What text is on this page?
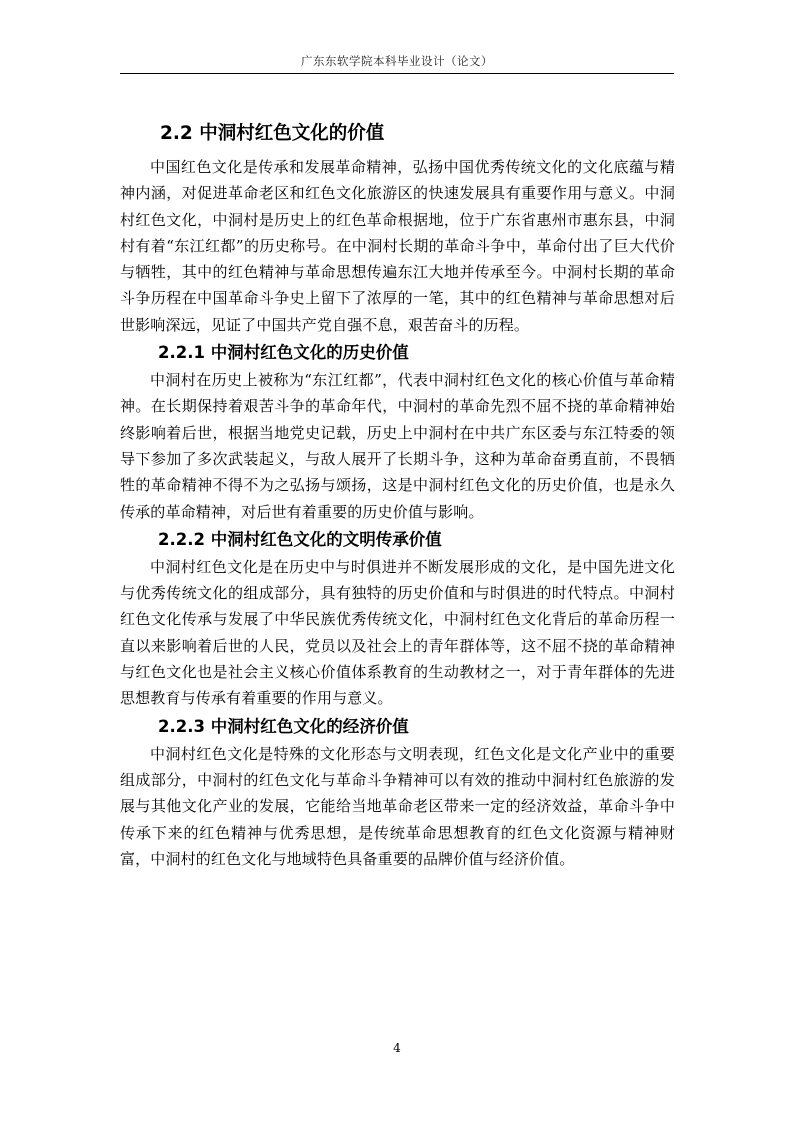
广东东软学院本科毕业设计（论文）
2.2 中洞村红色文化的价值

中国红色文化是传承和发展革命精神，弘扬中国优秀传统文化的文化底蕴与精神内涵，对促进革命老区和红色文化旅游区的快速发展具有重要作用与意义。中洞村红色文化，中洞村是历史上的红色革命根据地，位于广东省惠州市惠东县，中洞村有着“东江红都”的历史称号。在中洞村长期的革命斗争中，革命付出了巨大代价与牺牲，其中的红色精神与革命思想传遍东江大地并传承至今。中洞村长期的革命斗争历程在中国革命斗争史上留下了浓厚的一笔，其中的红色精神与革命思想对后世影响深远，见证了中国共产党自强不息，艰苦奋斗的历程。

2.2.1 中洞村红色文化的历史价值

中洞村在历史上被称为“东江红都”，代表中洞村红色文化的核心价值与革命精神。在长期保持着艰苦斗争的革命年代，中洞村的革命先烈不屈不挠的革命精神始终影响着后世，根据当地党史记载，历史上中洞村在中共广东区委与东江特委的领导下参加了多次武装起义，与敌人展开了长期斗争，这种为革命奋勇直前，不畏牺牲的革命精神不得不为之弘扬与颂扬，这是中洞村红色文化的历史价值，也是永久传承的革命精神，对后世有着重要的历史价值与影响。

2.2.2 中洞村红色文化的文明传承价值

中洞村红色文化是在历史中与时俱进并不断发展形成的文化，是中国先进文化与优秀传统文化的组成部分，具有独特的历史价值和与时俱进的时代特点。中洞村红色文化传承与发展了中华民族优秀传统文化，中洞村红色文化背后的革命历程一直以来影响着后世的人民，党员以及社会上的青年群体等，这不屈不挠的革命精神与红色文化也是社会主义核心价值体系教育的生动教材之一，对于青年群体的先进思想教育与传承有着重要的作用与意义。

2.2.3 中洞村红色文化的经济价值

中洞村红色文化是特殊的文化形态与文明表现，红色文化是文化产业中的重要组成部分，中洞村的红色文化与革命斗争精神可以有效的推动中洞村红色旅游的发展与其他文化产业的发展，它能给当地革命老区带来一定的经济效益，革命斗争中传承下来的红色精神与优秀思想，是传统革命思想教育的红色文化资源与精神财富，中洞村的红色文化与地域特色具备重要的品牌价值与经济价值。

4
